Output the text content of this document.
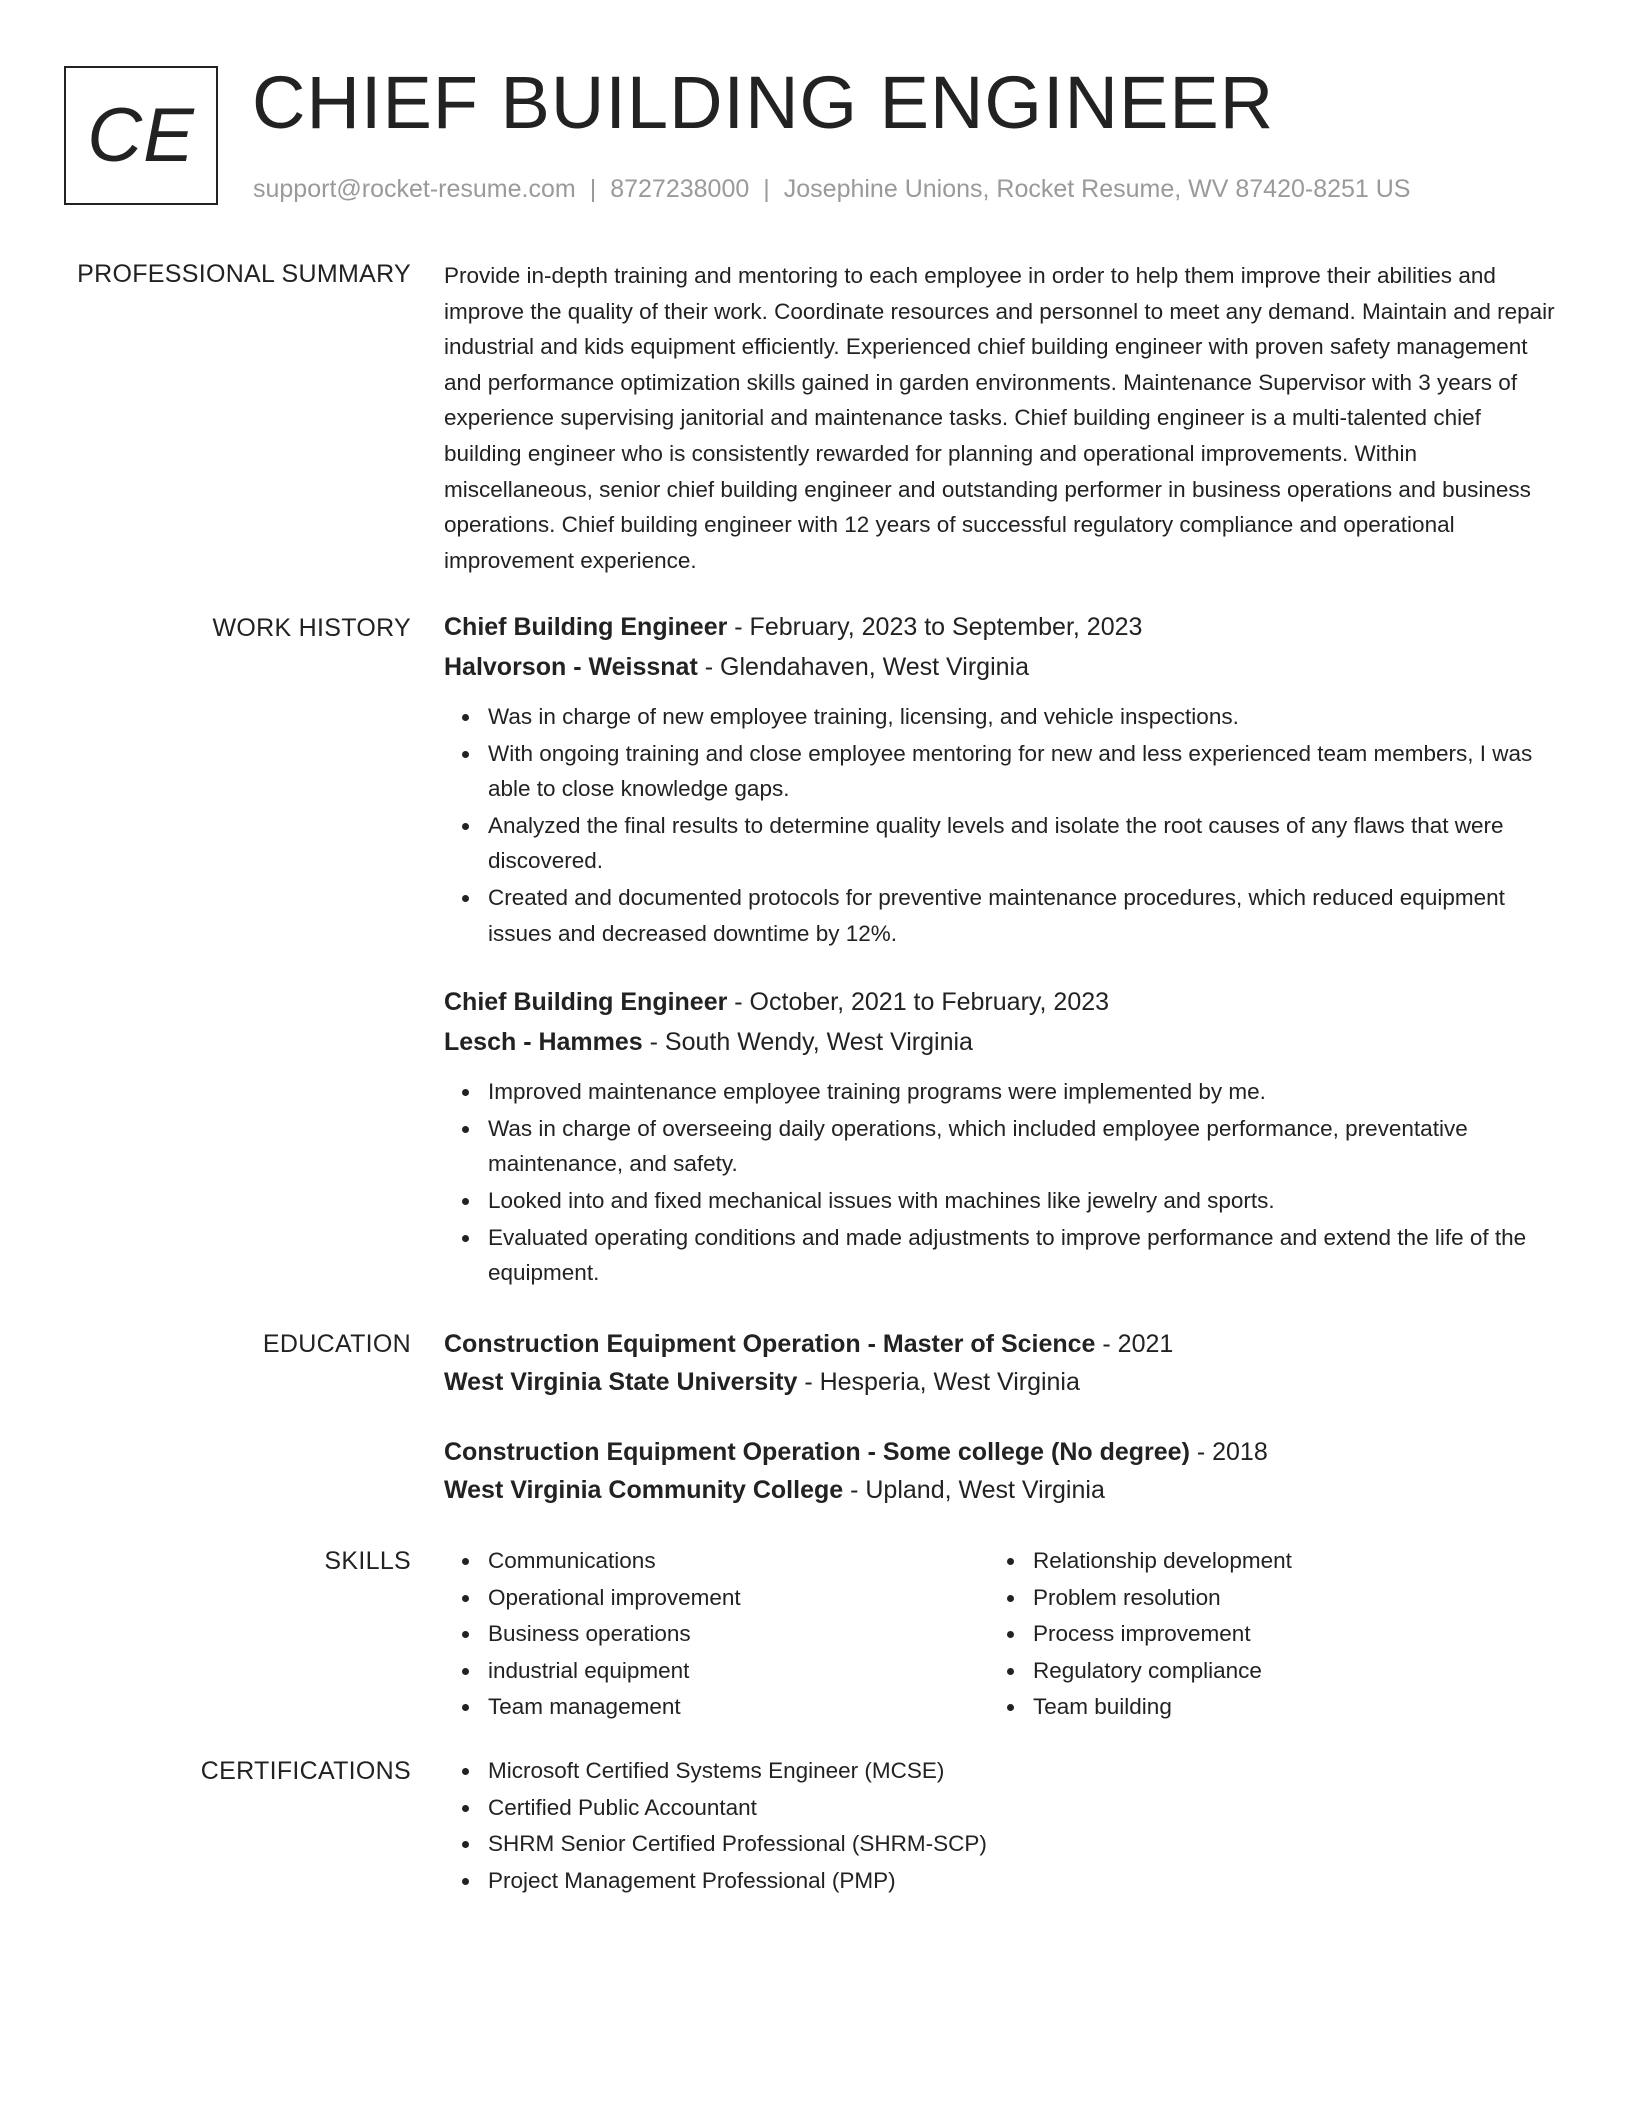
CE CHIEF BUILDING ENGINEER
support@rocket-resume.com | 8727238000 | Josephine Unions, Rocket Resume, WV 87420-8251 US
PROFESSIONAL SUMMARY Provide in-depth training and mentoring to each employee in order to help them improve their abilities and improve the quality of their work. Coordinate resources and personnel to meet any demand. Maintain and repair industrial and kids equipment efficiently. Experienced chief building engineer with proven safety management and performance optimization skills gained in garden environments. Maintenance Supervisor with 3 years of experience supervising janitorial and maintenance tasks. Chief building engineer is a multi-talented chief building engineer who is consistently rewarded for planning and operational improvements. Within miscellaneous, senior chief building engineer and outstanding performer in business operations and business operations. Chief building engineer with 12 years of successful regulatory compliance and operational improvement experience.

WORK HISTORY Chief Building Engineer - February, 2023 to September, 2023
Halvorson - Weissnat - Glendahaven, West Virginia
Was in charge of new employee training, licensing, and vehicle inspections.
With ongoing training and close employee mentoring for new and less experienced team members, I was able to close knowledge gaps.
Analyzed the final results to determine quality levels and isolate the root causes of any flaws that were discovered.
Created and documented protocols for preventive maintenance procedures, which reduced equipment issues and decreased downtime by 12%.
Chief Building Engineer - October, 2021 to February, 2023
Lesch - Hammes - South Wendy, West Virginia
Improved maintenance employee training programs were implemented by me.
Was in charge of overseeing daily operations, which included employee performance, preventative maintenance, and safety.
Looked into and fixed mechanical issues with machines like jewelry and sports.
Evaluated operating conditions and made adjustments to improve performance and extend the life of the equipment.
EDUCATION Construction Equipment Operation - Master of Science - 2021
West Virginia State University - Hesperia, West Virginia
Construction Equipment Operation - Some college (No degree) - 2018
West Virginia Community College - Upland, West Virginia
SKILLS	Communications
Operational improvement
Business operations
industrial equipment
Team management
Relationship development
Problem resolution
Process improvement
Regulatory compliance
Team building
CERTIFICATIONS	Microsoft Certified Systems Engineer (MCSE)
Certified Public Accountant
SHRM Senior Certified Professional (SHRM-SCP)
Project Management Professional (PMP)
